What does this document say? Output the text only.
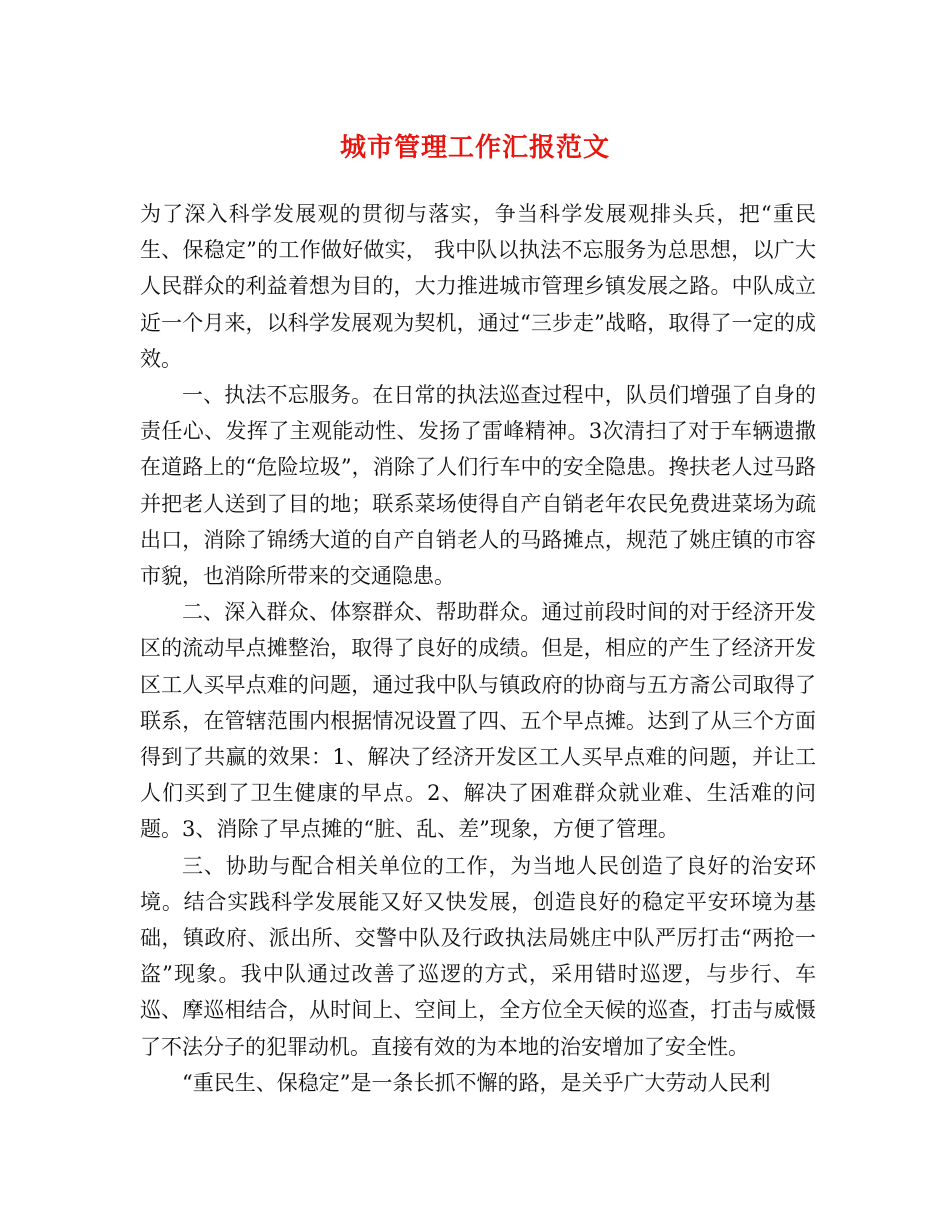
城市管理工作汇报范文

为了深入科学发展观的贯彻与落实，争当科学发展观排头兵，把“重民生、保稳定”的工作做好做实， 我中队以执法不忘服务为总思想，以广大人民群众的利益着想为目的，大力推进城市管理乡镇发展之路。中队成立近一个月来，以科学发展观为契机，通过“三步走”战略，取得了一定的成效。

一、执法不忘服务。在日常的执法巡查过程中，队员们增强了自身的责任心、发挥了主观能动性、发扬了雷峰精神。3次清扫了对于车辆遗撒在道路上的“危险垃圾”，消除了人们行车中的安全隐患。搀扶老人过马路并把老人送到了目的地；联系菜场使得自产自销老年农民免费进菜场为疏出口，消除了锦绣大道的自产自销老人的马路摊点，规范了姚庄镇的市容市貌，也消除所带来的交通隐患。

二、深入群众、体察群众、帮助群众。通过前段时间的对于经济开发区的流动早点摊整治，取得了良好的成绩。但是，相应的产生了经济开发区工人买早点难的问题，通过我中队与镇政府的协商与五方斋公司取得了联系，在管辖范围内根据情况设置了四、五个早点摊。达到了从三个方面得到了共赢的效果：1、解决了经济开发区工人买早点难的问题，并让工人们买到了卫生健康的早点。2、解决了困难群众就业难、生活难的问题。3、消除了早点摊的“脏、乱、差”现象，方便了管理。

三、协助与配合相关单位的工作，为当地人民创造了良好的治安环境。结合实践科学发展能又好又快发展，创造良好的稳定平安环境为基础，镇政府、派出所、交警中队及行政执法局姚庄中队严厉打击“两抢一盗”现象。我中队通过改善了巡逻的方式，采用错时巡逻，与步行、车巡、摩巡相结合，从时间上、空间上，全方位全天候的巡查，打击与威慑了不法分子的犯罪动机。直接有效的为本地的治安增加了安全性。

“重民生、保稳定”是一条长抓不懈的路，是关乎广大劳动人民利
